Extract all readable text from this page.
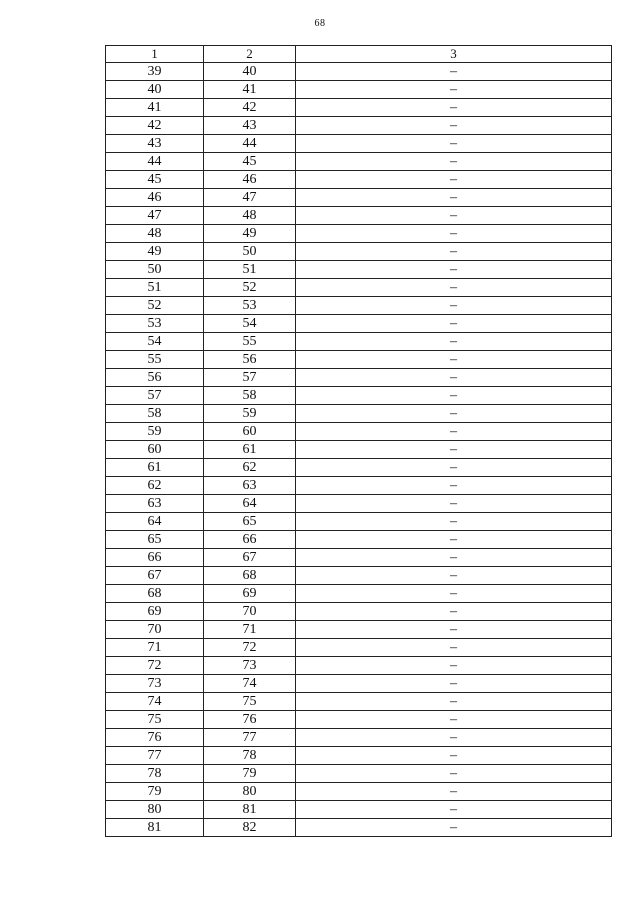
68
1	2	3
39	40	–
40	41	–
41	42	–
42	43	–
43	44	–
44	45	–
45	46	–
46	47	–
47	48	–
48	49	–
49	50	–
50	51	–
51	52	–
52	53	–
53	54	–
54	55	–
55	56	–
56	57	–
57	58	–
58	59	–
59	60	–
60	61	–
61	62	–
62	63	–
63	64	–
64	65	–
65	66	–
66	67	–
67	68	–
68	69	–
69	70	–
70	71	–
71	72	–
72	73	–
73	74	–
74	75	–
75	76	–
76	77	–
77	78	–
78	79	–
79	80	–
80	81	–
81	82	–
